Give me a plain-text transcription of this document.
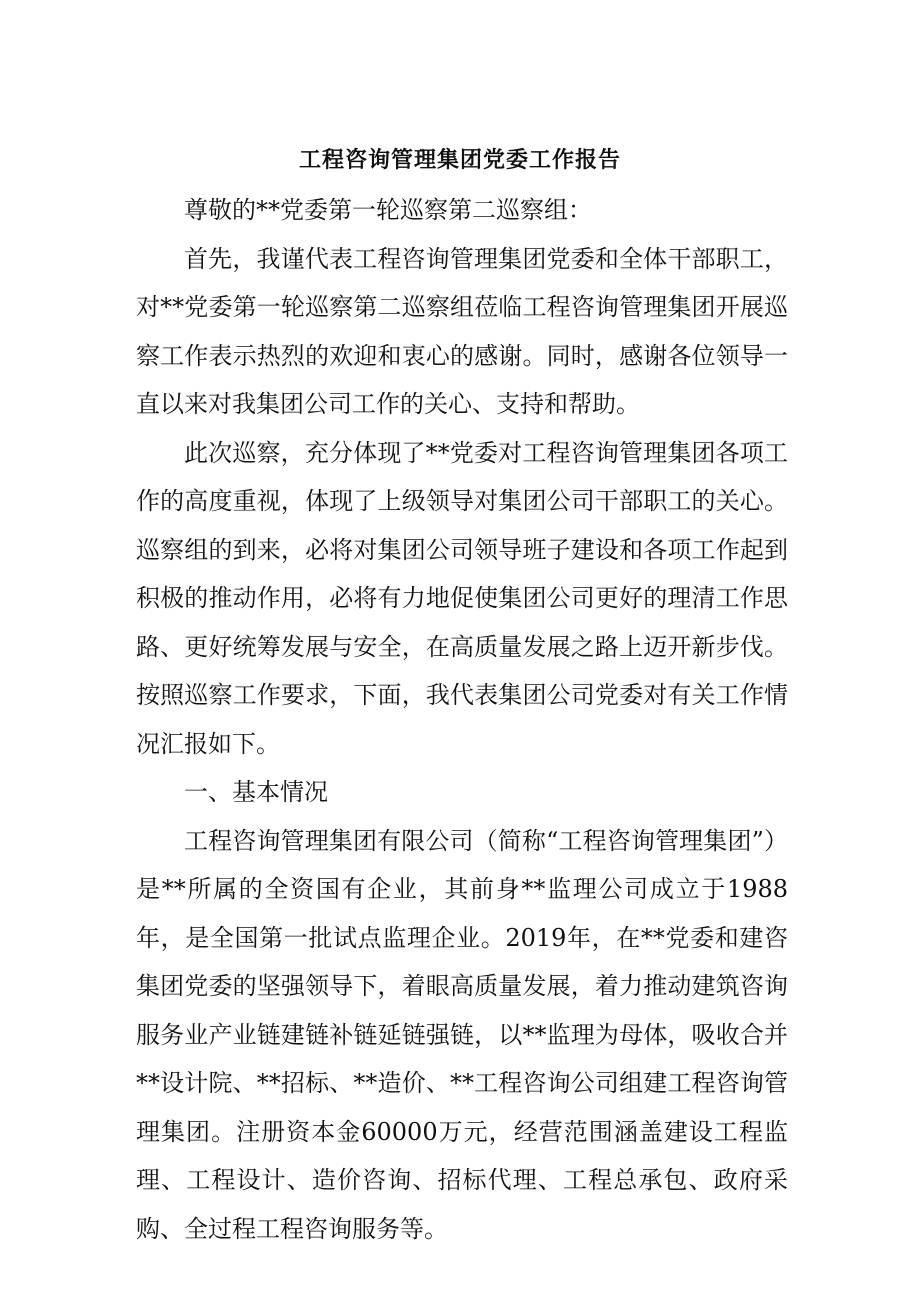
工程咨询管理集团党委工作报告

尊敬的**党委第一轮巡察第二巡察组：

首先，我谨代表工程咨询管理集团党委和全体干部职工，对**党委第一轮巡察第二巡察组莅临工程咨询管理集团开展巡察工作表示热烈的欢迎和衷心的感谢。同时，感谢各位领导一直以来对我集团公司工作的关心、支持和帮助。

此次巡察，充分体现了**党委对工程咨询管理集团各项工作的高度重视，体现了上级领导对集团公司干部职工的关心。巡察组的到来，必将对集团公司领导班子建设和各项工作起到积极的推动作用，必将有力地促使集团公司更好的理清工作思路、更好统筹发展与安全，在高质量发展之路上迈开新步伐。按照巡察工作要求，下面，我代表集团公司党委对有关工作情况汇报如下。

一、基本情况

工程咨询管理集团有限公司（简称“工程咨询管理集团”）是**所属的全资国有企业，其前身**监理公司成立于1988年，是全国第一批试点监理企业。2019年，在**党委和建咨集团党委的坚强领导下，着眼高质量发展，着力推动建筑咨询服务业产业链建链补链延链强链，以**监理为母体，吸收合并**设计院、**招标、**造价、**工程咨询公司组建工程咨询管理集团。注册资本金60000万元，经营范围涵盖建设工程监理、工程设计、造价咨询、招标代理、工程总承包、政府采购、全过程工程咨询服务等。
